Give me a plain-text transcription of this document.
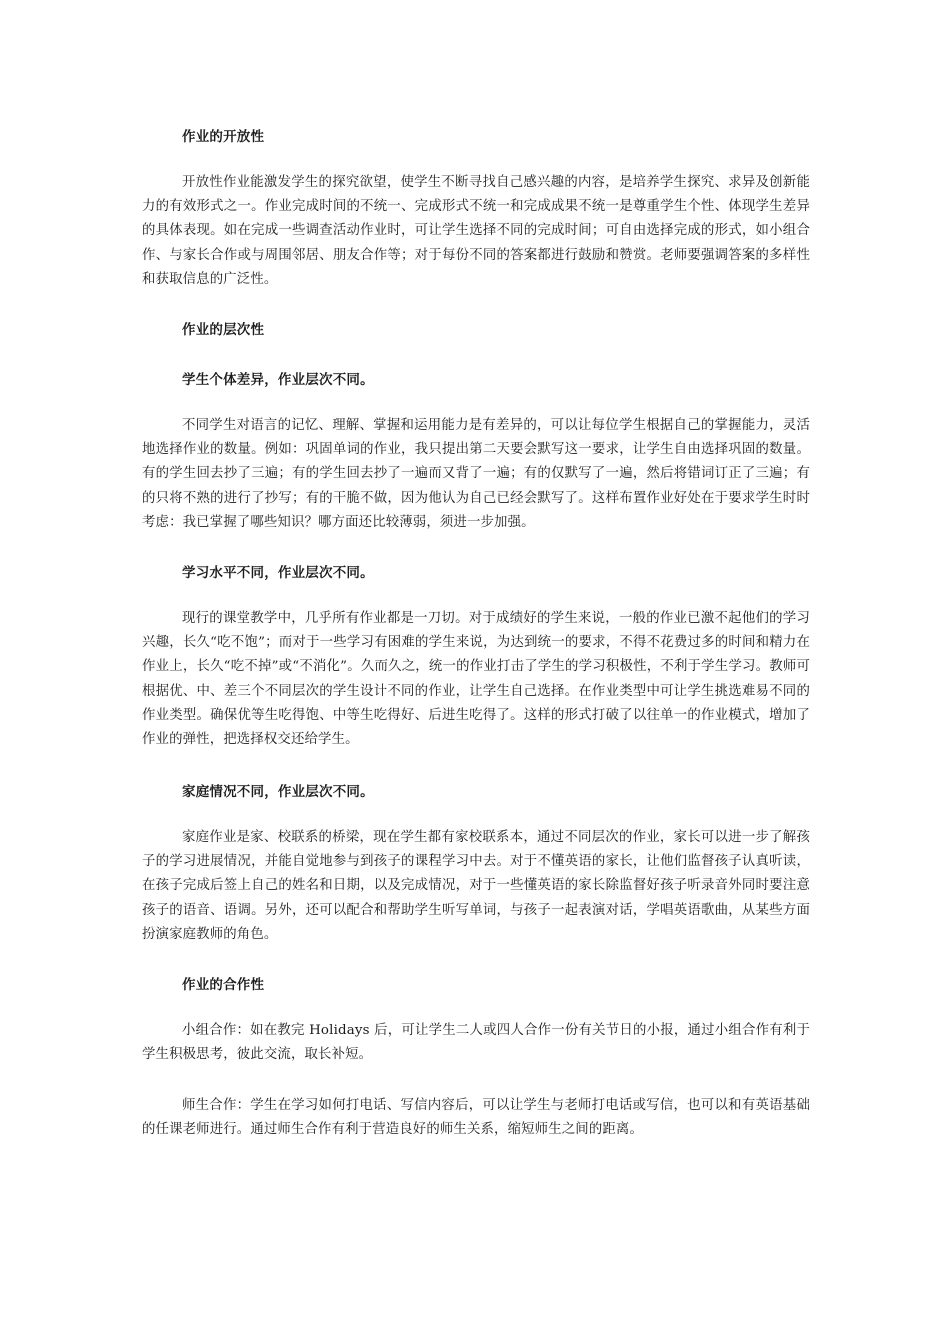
作业的开放性
开放性作业能激发学生的探究欲望，使学生不断寻找自己感兴趣的内容，是培养学生探究、求异及创新能力的有效形式之一。作业完成时间的不统一、完成形式不统一和完成成果不统一是尊重学生个性、体现学生差异的具体表现。如在完成一些调查活动作业时，可让学生选择不同的完成时间；可自由选择完成的形式，如小组合作、与家长合作或与周围邻居、朋友合作等；对于每份不同的答案都进行鼓励和赞赏。老师要强调答案的多样性和获取信息的广泛性。
作业的层次性
学生个体差异，作业层次不同。
不同学生对语言的记忆、理解、掌握和运用能力是有差异的，可以让每位学生根据自己的掌握能力，灵活地选择作业的数量。例如：巩固单词的作业，我只提出第二天要会默写这一要求，让学生自由选择巩固的数量。有的学生回去抄了三遍；有的学生回去抄了一遍而又背了一遍；有的仅默写了一遍，然后将错词订正了三遍；有的只将不熟的进行了抄写；有的干脆不做，因为他认为自己已经会默写了。这样布置作业好处在于要求学生时时考虑：我已掌握了哪些知识？哪方面还比较薄弱，须进一步加强。
学习水平不同，作业层次不同。
现行的课堂教学中，几乎所有作业都是一刀切。对于成绩好的学生来说，一般的作业已激不起他们的学习兴趣，长久“吃不饱”；而对于一些学习有困难的学生来说，为达到统一的要求，不得不花费过多的时间和精力在作业上，长久“吃不掉”或“不消化”。久而久之，统一的作业打击了学生的学习积极性，不利于学生学习。教师可根据优、中、差三个不同层次的学生设计不同的作业，让学生自己选择。在作业类型中可让学生挑选难易不同的作业类型。确保优等生吃得饱、中等生吃得好、后进生吃得了。这样的形式打破了以往单一的作业模式，增加了作业的弹性，把选择权交还给学生。
家庭情况不同，作业层次不同。
家庭作业是家、校联系的桥梁，现在学生都有家校联系本，通过不同层次的作业，家长可以进一步了解孩子的学习进展情况，并能自觉地参与到孩子的课程学习中去。对于不懂英语的家长，让他们监督孩子认真听读，在孩子完成后签上自己的姓名和日期，以及完成情况，对于一些懂英语的家长除监督好孩子听录音外同时要注意孩子的语音、语调。另外，还可以配合和帮助学生听写单词，与孩子一起表演对话，学唱英语歌曲，从某些方面扮演家庭教师的角色。
作业的合作性
小组合作：如在教完 Holidays 后，可让学生二人或四人合作一份有关节日的小报，通过小组合作有利于学生积极思考，彼此交流，取长补短。
师生合作：学生在学习如何打电话、写信内容后，可以让学生与老师打电话或写信，也可以和有英语基础的任课老师进行。通过师生合作有利于营造良好的师生关系，缩短师生之间的距离。
